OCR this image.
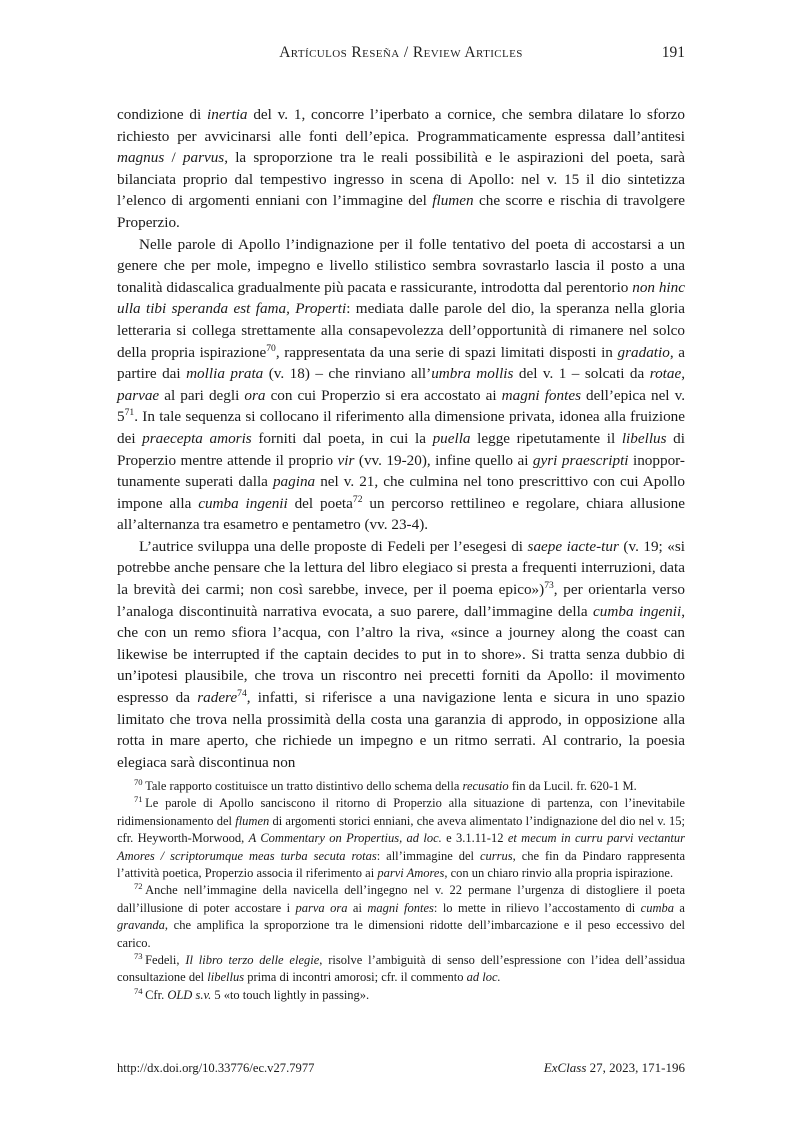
Artículos Reseña / Review Articles	191

condizione di inertia del v. 1, concorre l’iperbato a cornice, che sembra dilatare lo sforzo richiesto per avvicinarsi alle fonti dell’epica. Programmaticamente espressa dall’antitesi magnus / parvus, la sproporzione tra le reali possibilità e le aspirazioni del poeta, sarà bilanciata proprio dal tempestivo ingresso in scena di Apollo: nel v. 15 il dio sintetizza l’elenco di argomenti enniani con l’immagine del flumen che scorre e rischia di travolgere Properzio.

Nelle parole di Apollo l’indignazione per il folle tentativo del poeta di accostarsi a un genere che per mole, impegno e livello stilistico sembra sovrastarlo lascia il posto a una tonalità didascalica gradualmente più pacata e rassicurante, introdotta dal perentorio non hinc ulla tibi speranda est fama, Properti: mediata dalle parole del dio, la speranza nella gloria letteraria si collega strettamente alla consapevolezza dell’opportunità di rimanere nel solco della propria ispirazione$^{70}$, rappresentata da una serie di spazi limitati disposti in gradatio, a partire dai mollia prata (v. 18) – che rinviano all’umbra mollis del v. 1 – solcati da rotae, parvae al pari degli ora con cui Properzio si era accostato ai magni fontes dell’epica nel v. 5$^{71}$. In tale sequenza si collocano il riferimento alla dimensione privata, idonea alla fruizione dei praecepta amoris forniti dal poeta, in cui la puella legge ripetutamente il libellus di Properzio mentre attende il proprio vir (vv. 19-20), infine quello ai gyri praescripti inoppor-tunamente superati dalla pagina nel v. 21, che culmina nel tono prescrittivo con cui Apollo impone alla cumba ingenii del poeta$^{72}$ un percorso rettilineo e regolare, chiara allusione all’alternanza tra esametro e pentametro (vv. 23-4).

L’autrice sviluppa una delle proposte di Fedeli per l’esegesi di saepe iacte-tur (v. 19; «si potrebbe anche pensare che la lettura del libro elegiaco si presta a frequenti interruzioni, data la brevità dei carmi; non così sarebbe, invece, per il poema epico»)$^{73}$, per orientarla verso l’analoga discontinuità narrativa evocata, a suo parere, dall’immagine della cumba ingenii, che con un remo sfiora l’acqua, con l’altro la riva, «since a journey along the coast can likewise be interrupted if the captain decides to put in to shore». Si tratta senza dubbio di un’ipotesi plausibile, che trova un riscontro nei precetti forniti da Apollo: il movimento espresso da radere$^{74}$, infatti, si riferisce a una navigazione lenta e sicura in uno spazio limitato che trova nella prossimità della costa una garanzia di approdo, in opposizione alla rotta in mare aperto, che richiede un impegno e un ritmo serrati. Al contrario, la poesia elegiaca sarà discontinua non

$^{70}$ Tale rapporto costituisce un tratto distintivo dello schema della recusatio fin da Lucil. fr. 620-1 M.

$^{71}$ Le parole di Apollo sanciscono il ritorno di Properzio alla situazione di partenza, con l’inevitabile ridimensionamento del flumen di argomenti storici enniani, che aveva alimentato l’indignazione del dio nel v. 15; cfr. Heyworth-Morwood, A Commentary on Propertius, ad loc. e 3.1.11-12 et mecum in curru parvi vectantur Amores / scriptorumque meas turba secuta rotas: all’immagine del currus, che fin da Pindaro rappresenta l’attività poetica, Properzio associa il riferimento ai parvi Amores, con un chiaro rinvio alla propria ispirazione.

$^{72}$ Anche nell’immagine della navicella dell’ingegno nel v. 22 permane l’urgenza di distogliere il poeta dall’illusione di poter accostare i parva ora ai magni fontes: lo mette in rilievo l’accostamento di cumba a gravanda, che amplifica la sproporzione tra le dimensioni ridotte dell’imbarcazione e il peso eccessivo del carico.

$^{73}$ Fedeli, Il libro terzo delle elegie, risolve l’ambiguità di senso dell’espressione con l’idea dell’assidua consultazione del libellus prima di incontri amorosi; cfr. il commento ad loc.

$^{74}$ Cfr. OLD s.v. 5 «to touch lightly in passing».

http://dx.doi.org/10.33776/ec.v27.7977	ExClass 27, 2023, 171-196
